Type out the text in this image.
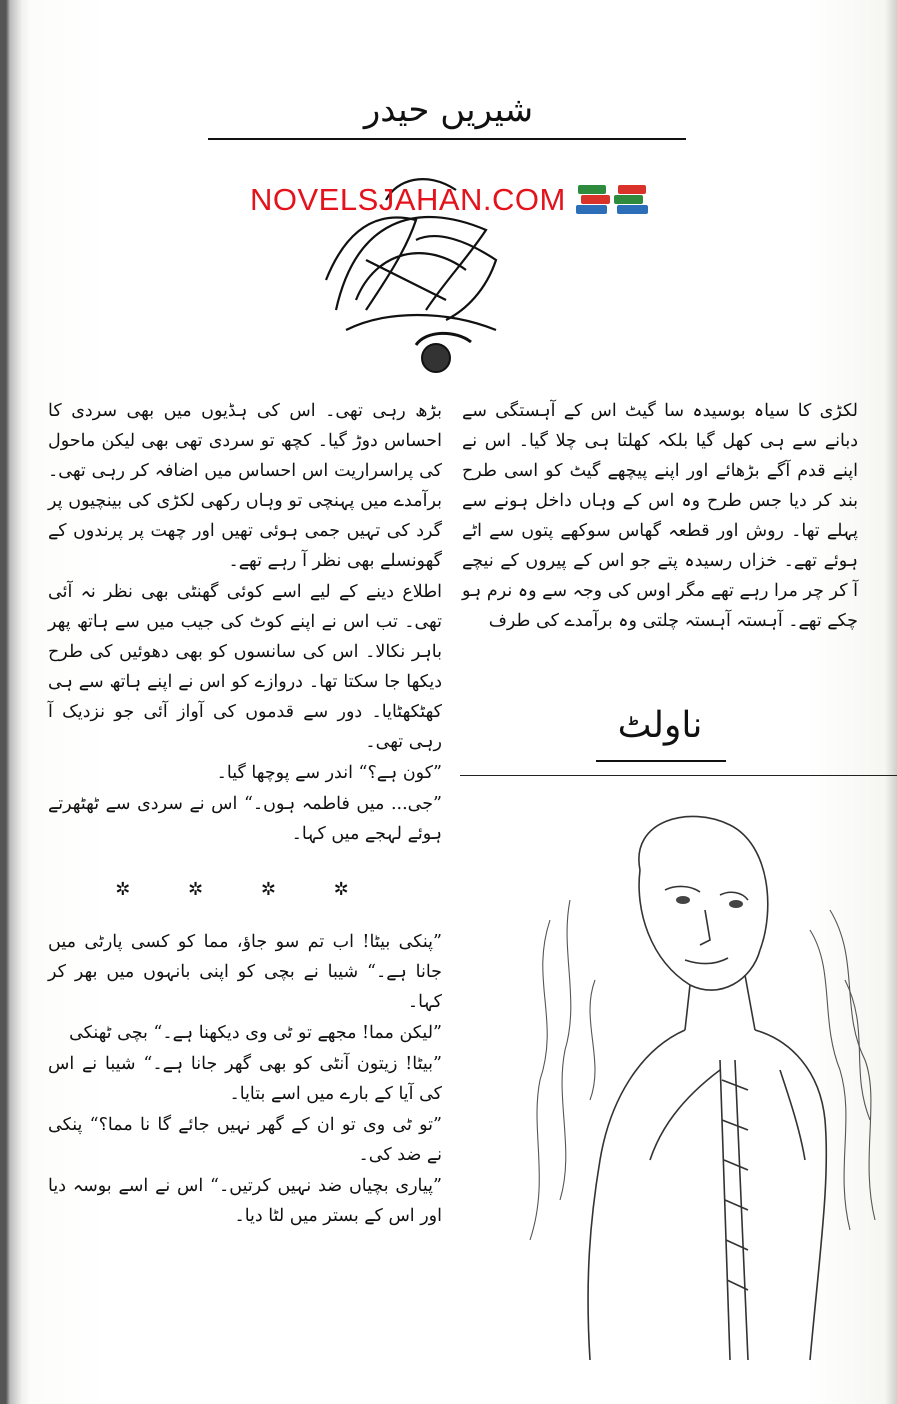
شیریں حیدر
NOVELSJAHAN.COM

لکڑی کا سیاہ بوسیدہ سا گیٹ اس کے آہستگی سے دبانے سے ہی کھل گیا بلکہ کھلتا ہی چلا گیا۔ اس نے اپنے قدم آگے بڑھائے اور اپنے پیچھے گیٹ کو اسی طرح بند کر دیا جس طرح وہ اس کے وہاں داخل ہونے سے پہلے تھا۔ روش اور قطعہ گھاس سوکھے پتوں سے اٹے ہوئے تھے۔ خزاں رسیدہ پتے جو اس کے پیروں کے نیچے آ کر چر مرا رہے تھے مگر اوس کی وجہ سے وہ نرم ہو چکے تھے۔ آہستہ آہستہ چلتی وہ برآمدے کی طرف

ناولٹ

بڑھ رہی تھی۔ اس کی ہڈیوں میں بھی سردی کا احساس دوڑ گیا۔ کچھ تو سردی تھی بھی لیکن ماحول کی پراسراریت اس احساس میں اضافہ کر رہی تھی۔ برآمدے میں پہنچی تو وہاں رکھی لکڑی کی بینچیوں پر گرد کی تہیں جمی ہوئی تھیں اور چھت پر پرندوں کے گھونسلے بھی نظر آ رہے تھے۔

اطلاع دینے کے لیے اسے کوئی گھنٹی بھی نظر نہ آئی تھی۔ تب اس نے اپنے کوٹ کی جیب میں سے ہاتھ پھر باہر نکالا۔ اس کی سانسوں کو بھی دھوئیں کی طرح دیکھا جا سکتا تھا۔ دروازے کو اس نے اپنے ہاتھ سے ہی کھٹکھٹایا۔ دور سے قدموں کی آواز آئی جو نزدیک آ رہی تھی۔

”کون ہے؟“ اندر سے پوچھا گیا۔

”جی... میں فاطمہ ہوں۔“ اس نے سردی سے ٹھٹھرتے ہوئے لہجے میں کہا۔

✲ ✲ ✲ ✲

”پنکی بیٹا! اب تم سو جاؤ، مما کو کسی پارٹی میں جانا ہے۔“ شیبا نے بچی کو اپنی بانہوں میں بھر کر کہا۔

”لیکن مما! مجھے تو ٹی وی دیکھنا ہے۔“ بچی ٹھنکی

”بیٹا! زیتون آنٹی کو بھی گھر جانا ہے۔“ شیبا نے اس کی آیا کے بارے میں اسے بتایا۔

”تو ٹی وی تو ان کے گھر نہیں جائے گا نا مما؟“ پنکی نے ضد کی۔

”پیاری بچیاں ضد نہیں کرتیں۔“ اس نے اسے بوسہ دیا اور اس کے بستر میں لٹا دیا۔
